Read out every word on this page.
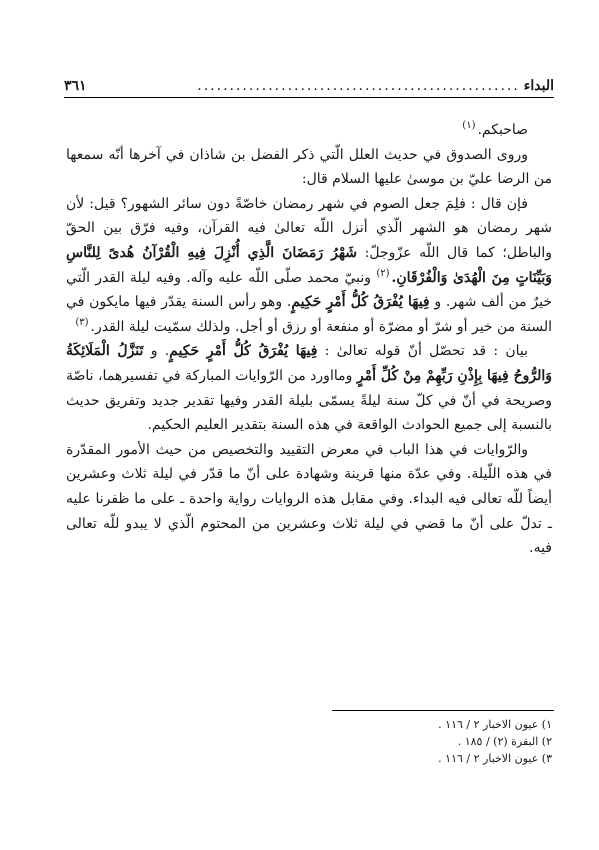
البداء
..................................................
٣٦١

صاحبكم.$^{(١)}$

وروى الصدوق في حديث العلل الّتي ذكر الفضل بن شاذان في آخرها أنّه سمعها من الرضا عليّ بن موسىٰ عليها السلام قال:

فإن قال : فلِمَ جعل الصوم في شهر رمضان خاصّةً دون سائر الشهور؟ قيل: لأن شهر رمضان هو الشهر الّذي أنزل اللّه تعالىٰ فيه القرآن، وفيه فرّق بين الحقّ والباطل؛ كما قال اللّه عزّوجلّ: شَهْرُ رَمَضَانَ الَّذِي أُنْزِلَ فِيهِ الْقُرْآنُ هُدىً لِلنَّاسِ وَبَيِّنَاتٍ مِنَ الْهُدَىٰ وَالْفُرْقَانِ.$^{(٢)}$ ونبيّ محمد صلّى اللّه عليه وآله. وفيه ليلة القدر الّتي خيرٌ من ألف شهر. و فِيهَا يُفْرَقُ كُلُّ أَمْرٍ حَكِيمٍ. وهو رأس السنة يقدّر فيها مايكون في السنة من خير أو شرّ أو مضرّة أو منفعة أو رزق أو أجل. ولذلك سمّيت ليلة القدر.$^{(٣)}$

بيان : قد تحصّل أنّ قوله تعالىٰ : فِيهَا يُفْرَقُ كُلُّ أَمْرٍ حَكِيمٍ. و تَنَزَّلُ الْمَلَائِكَةُ وَالرُّوحُ فِيهَا بِإِذْنِ رَبِّهِمْ مِنْ كُلِّ أَمْرٍ ومااورد من الرّوايات المباركة في تفسيرهما، ناصّة وصريحة في أنّ في كلّ سنة ليلةً يسمّى بليلة القدر وفيها تقدير جديد وتفريق حديث بالنسبة إلى جميع الحوادث الواقعة في هذه السنة بتقدير العليم الحكيم.

والرّوايات في هذا الباب في معرض التقييد والتخصيص من حيث الأمور المقدّرة في هذه اللّيلة. وفي عدّة منها قرينة وشهادة على أنّ ما قدّر في ليلة ثلاث وعشرين أيضاً للّه تعالى فيه البداء. وفي مقابل هذه الروايات رواية واحدة ـ على ما ظفرنا عليه ـ تدلّ على أنّ ما قضي في ليلة ثلاث وعشرين من المحتوم الّذي لا يبدو للّه تعالى فيه.

١) عيون الاخبار ٢ / ١١٦ .
٢) البقرة (٢) / ١٨٥ .
٣) عيون الاخبار ٢ / ١١٦ .
